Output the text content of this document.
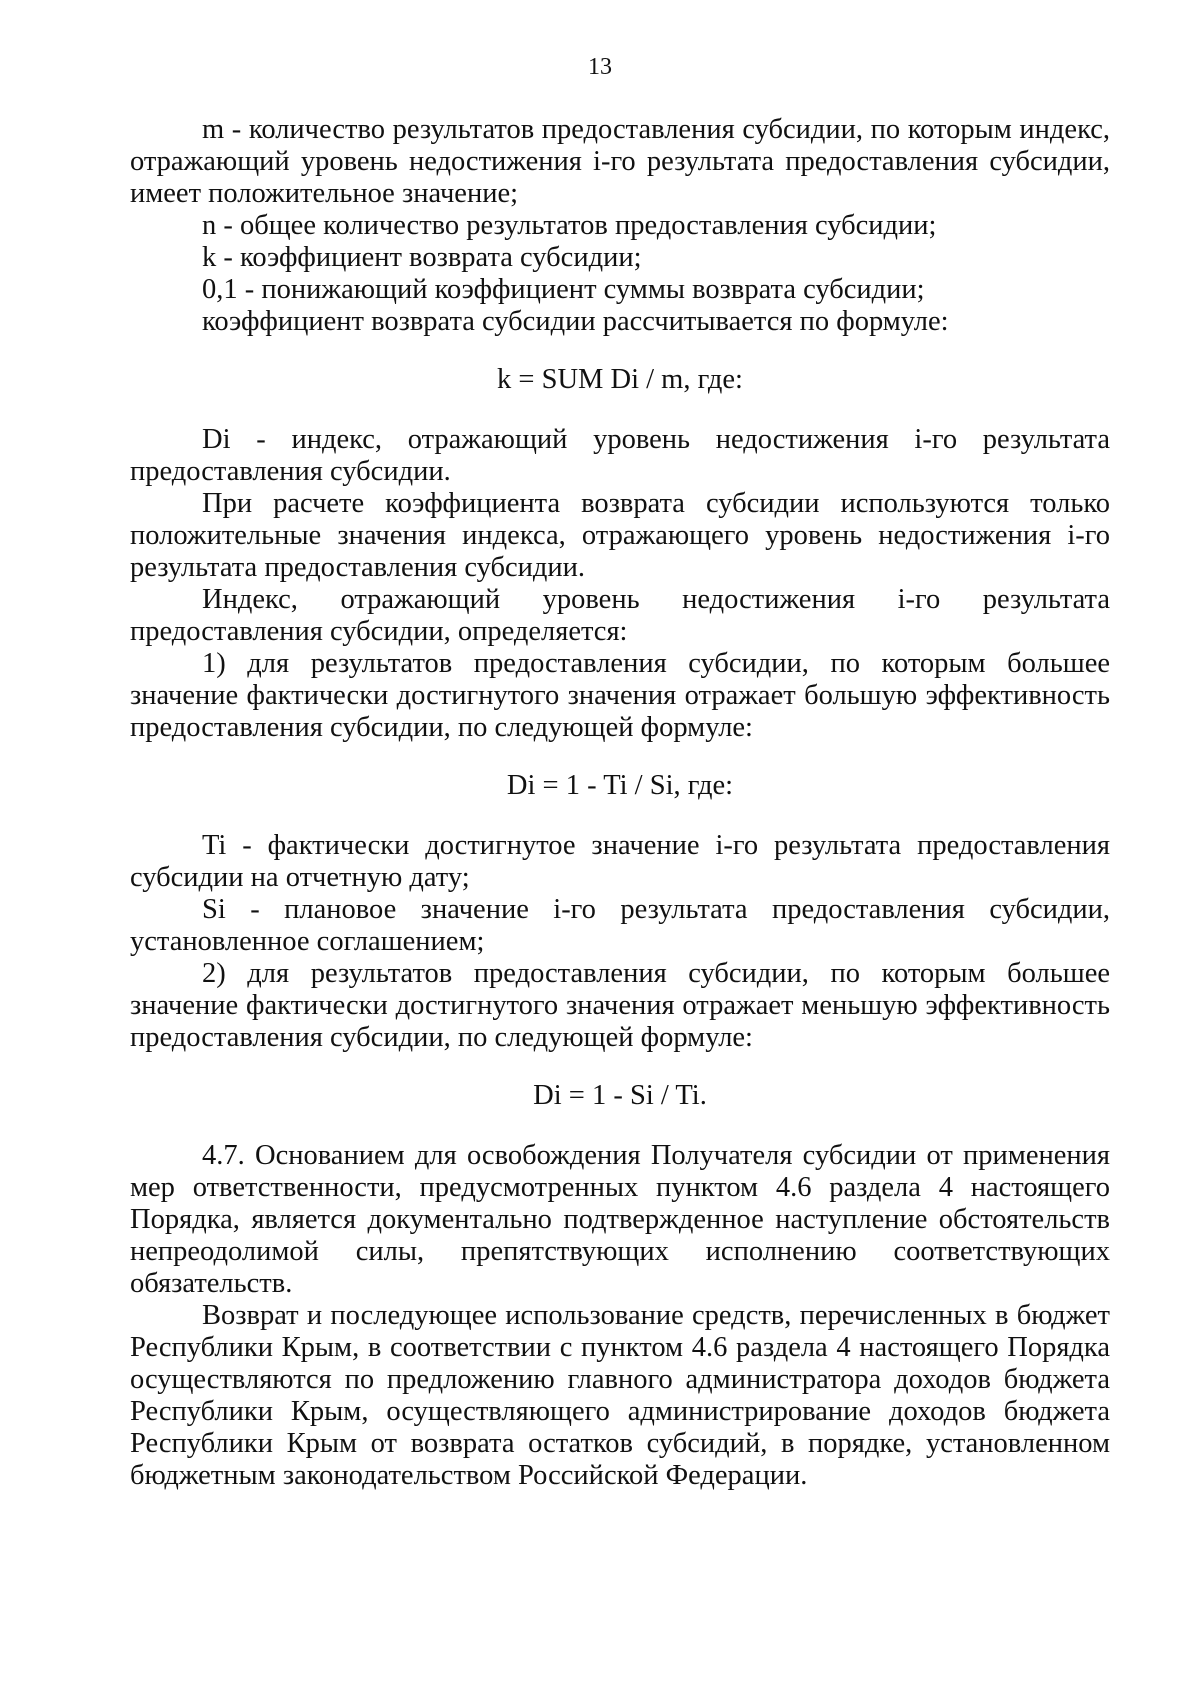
13

m - количество результатов предоставления субсидии, по которым индекс, отражающий уровень недостижения i-го результата предоставления субсидии, имеет положительное значение;

n - общее количество результатов предоставления субсидии;

k - коэффициент возврата субсидии;

0,1 - понижающий коэффициент суммы возврата субсидии;

коэффициент возврата субсидии рассчитывается по формуле:

k = SUM Di / m, где:

Di - индекс, отражающий уровень недостижения i-го результата предоставления субсидии.

При расчете коэффициента возврата субсидии используются только положительные значения индекса, отражающего уровень недостижения i-го результата предоставления субсидии.

Индекс, отражающий уровень недостижения i-го результата предоставления субсидии, определяется:

1) для результатов предоставления субсидии, по которым большее значение фактически достигнутого значения отражает большую эффективность предоставления субсидии, по следующей формуле:

Di = 1 - Ti / Si, где:

Ti - фактически достигнутое значение i-го результата предоставления субсидии на отчетную дату;

Si - плановое значение i-го результата предоставления субсидии, установленное соглашением;

2) для результатов предоставления субсидии, по которым большее значение фактически достигнутого значения отражает меньшую эффективность предоставления субсидии, по следующей формуле:

Di = 1 - Si / Ti.

4.7. Основанием для освобождения Получателя субсидии от применения мер ответственности, предусмотренных пунктом 4.6 раздела 4 настоящего Порядка, является документально подтвержденное наступление обстоятельств непреодолимой силы, препятствующих исполнению соответствующих обязательств.

Возврат и последующее использование средств, перечисленных в бюджет Республики Крым, в соответствии с пунктом 4.6 раздела 4 настоящего Порядка осуществляются по предложению главного администратора доходов бюджета Республики Крым, осуществляющего администрирование доходов бюджета Республики Крым от возврата остатков субсидий, в порядке, установленном бюджетным законодательством Российской Федерации.
